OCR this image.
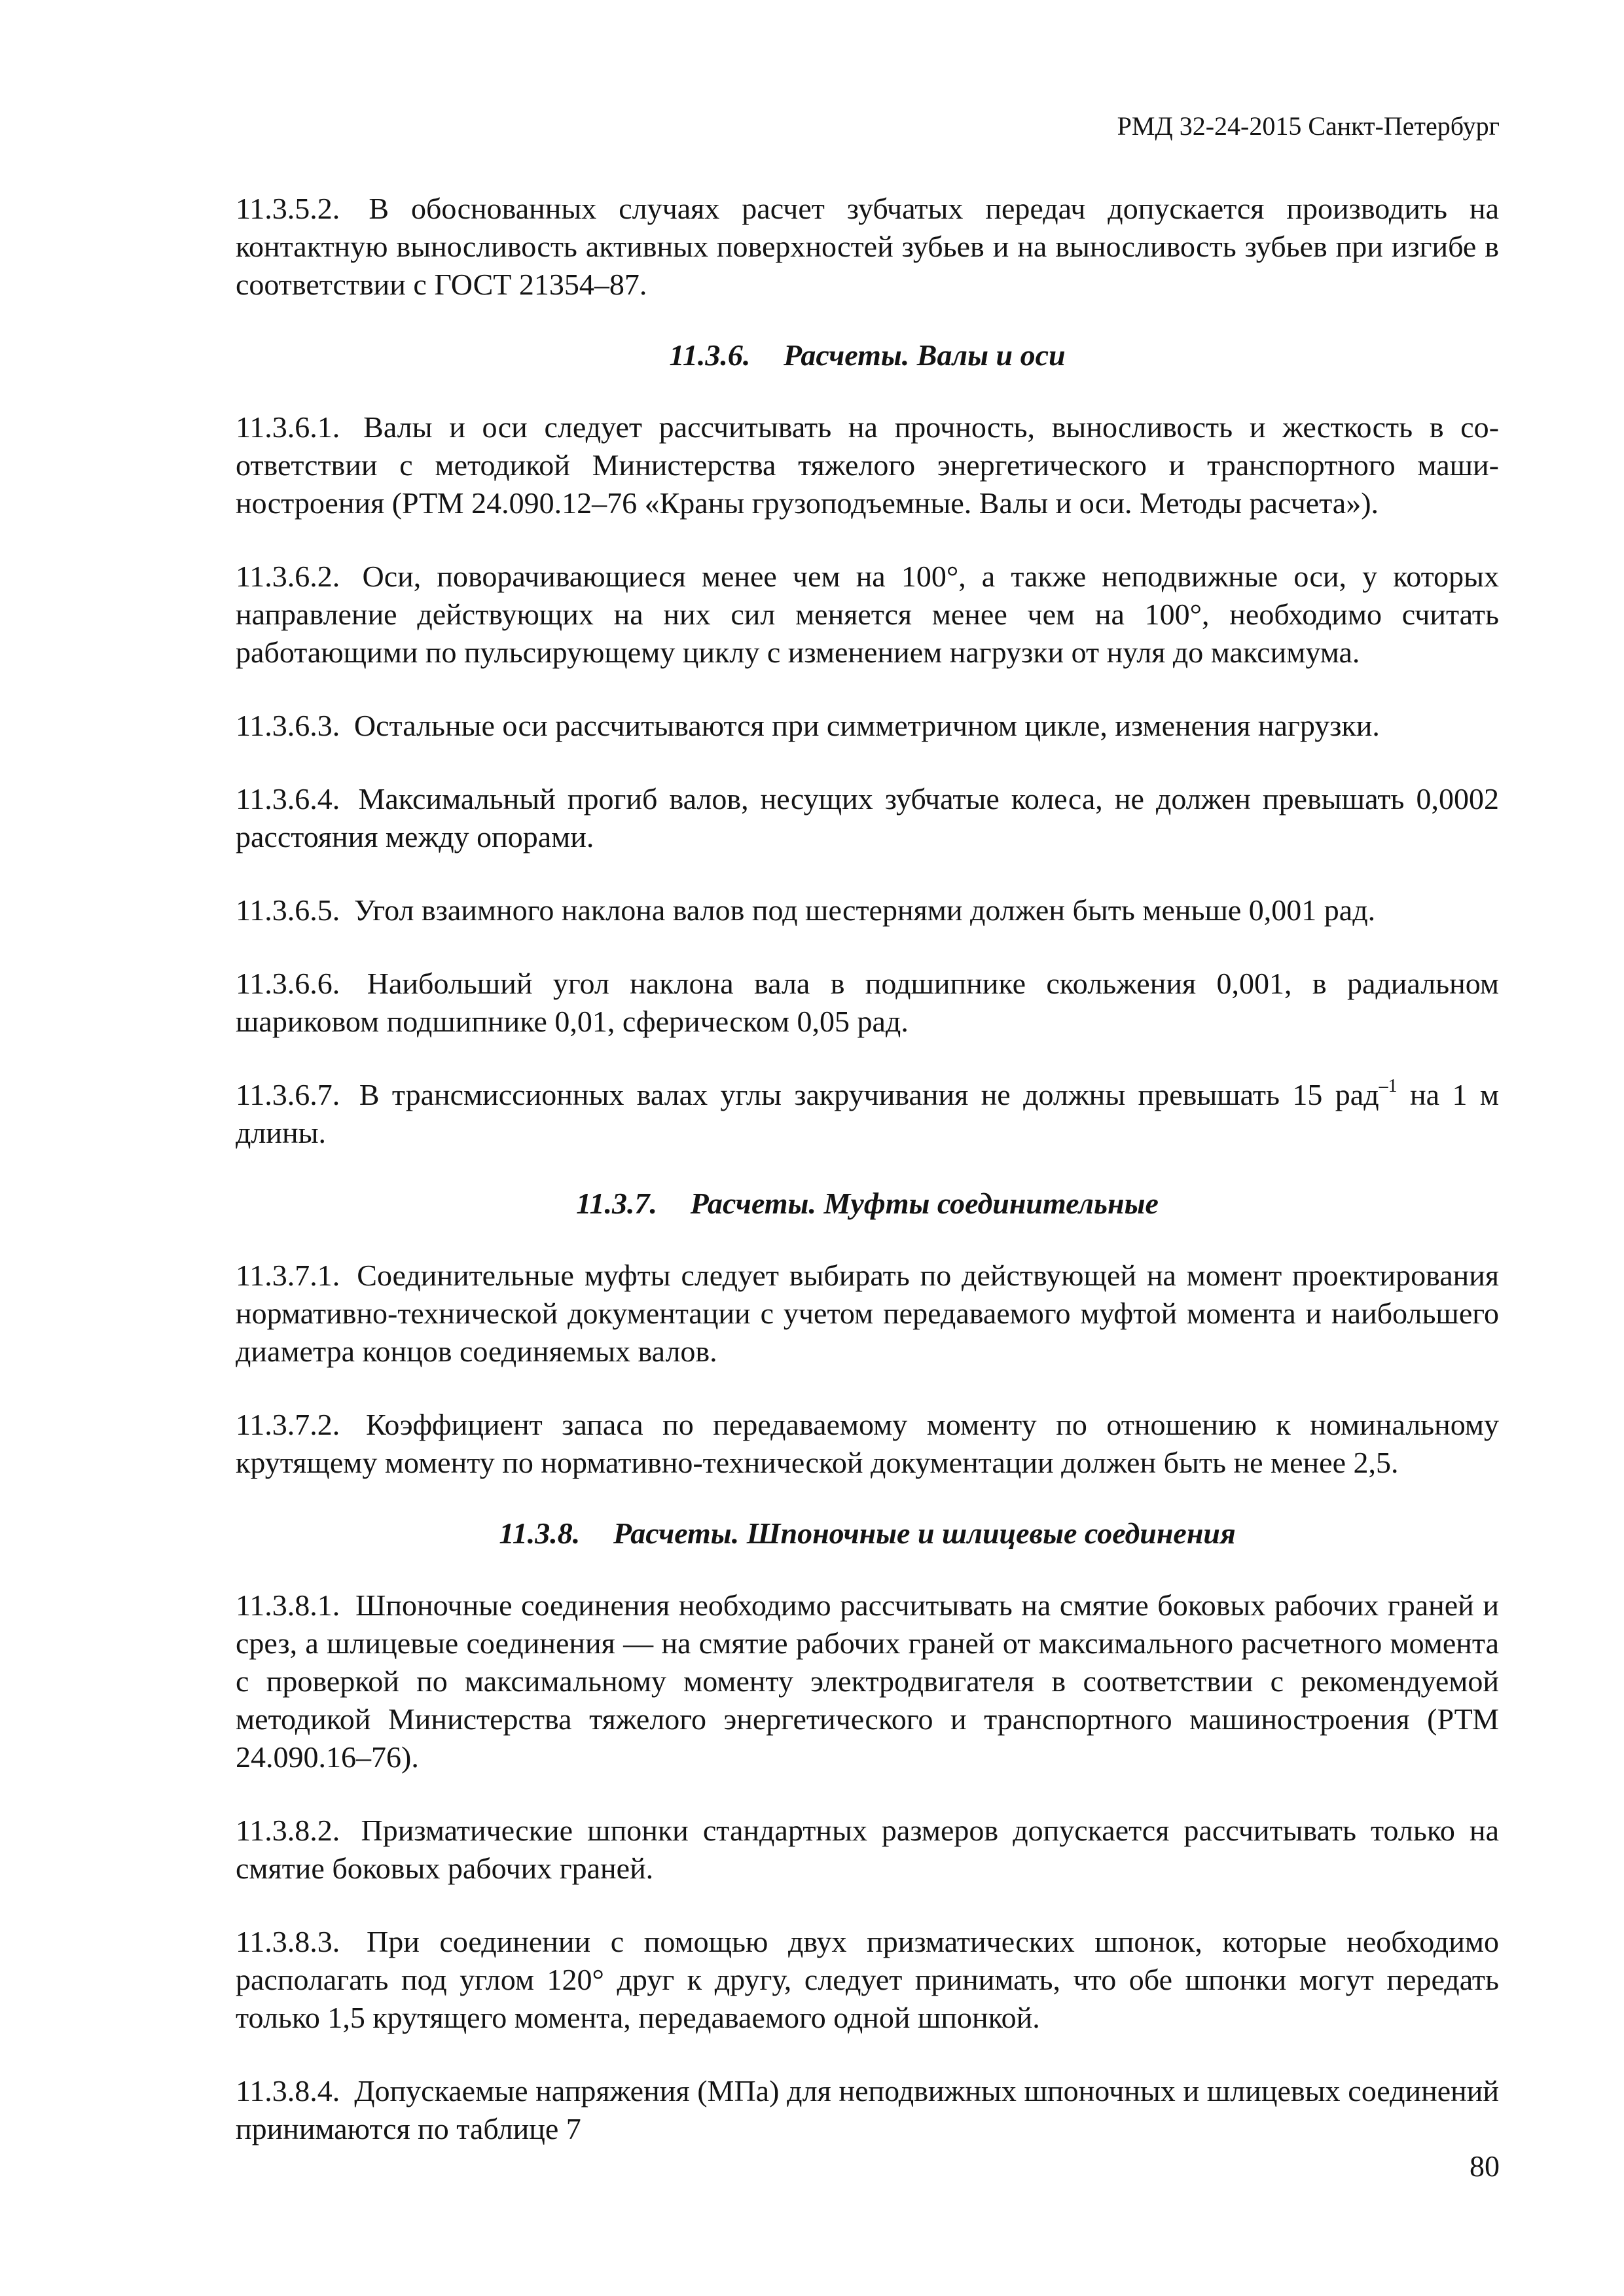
РМД 32-24-2015 Санкт-Петербург

11.3.5.2. В обоснованных случаях расчет зубчатых передач допускается производить на контактную выносливость активных поверхностей зубьев и на выносливость зубьев при изгибе в соответствии с ГОСТ 21354–87.

11.3.6. Расчеты. Валы и оси

11.3.6.1. Валы и оси следует рассчитывать на прочность, выносливость и жесткость в соответствии с методикой Министерства тяжелого энергетического и транспортного машиностроения (РТМ 24.090.12–76 «Краны грузоподъемные. Валы и оси. Методы расчета»).

11.3.6.2. Оси, поворачивающиеся менее чем на 100°, а также неподвижные оси, у которых направление действующих на них сил меняется менее чем на 100°, необходимо считать работающими по пульсирующему циклу с изменением нагрузки от нуля до максимума.

11.3.6.3. Остальные оси рассчитываются при симметричном цикле, изменения нагрузки.

11.3.6.4. Максимальный прогиб валов, несущих зубчатые колеса, не должен превышать 0,0002 расстояния между опорами.

11.3.6.5. Угол взаимного наклона валов под шестернями должен быть меньше 0,001 рад.

11.3.6.6. Наибольший угол наклона вала в подшипнике скольжения 0,001, в радиальном шариковом подшипнике 0,01, сферическом 0,05 рад.

11.3.6.7. В трансмиссионных валах углы закручивания не должны превышать 15 рад$^{-1}$ на 1 м длины.

11.3.7. Расчеты. Муфты соединительные

11.3.7.1. Соединительные муфты следует выбирать по действующей на момент проектирования нормативно-технической документации с учетом передаваемого муфтой момента и наибольшего диаметра концов соединяемых валов.

11.3.7.2. Коэффициент запаса по передаваемому моменту по отношению к номинальному крутящему моменту по нормативно-технической документации должен быть не менее 2,5.

11.3.8. Расчеты. Шпоночные и шлицевые соединения

11.3.8.1. Шпоночные соединения необходимо рассчитывать на смятие боковых рабочих граней и срез, а шлицевые соединения — на смятие рабочих граней от максимального расчетного момента с проверкой по максимальному моменту электродвигателя в соответствии с рекомендуемой методикой Министерства тяжелого энергетического и транспортного машиностроения (РТМ 24.090.16–76).

11.3.8.2. Призматические шпонки стандартных размеров допускается рассчитывать только на смятие боковых рабочих граней.

11.3.8.3. При соединении с помощью двух призматических шпонок, которые необходимо располагать под углом 120° друг к другу, следует принимать, что обе шпонки могут передать только 1,5 крутящего момента, передаваемого одной шпонкой.

11.3.8.4. Допускаемые напряжения (МПа) для неподвижных шпоночных и шлицевых соединений принимаются по таблице 7

80
